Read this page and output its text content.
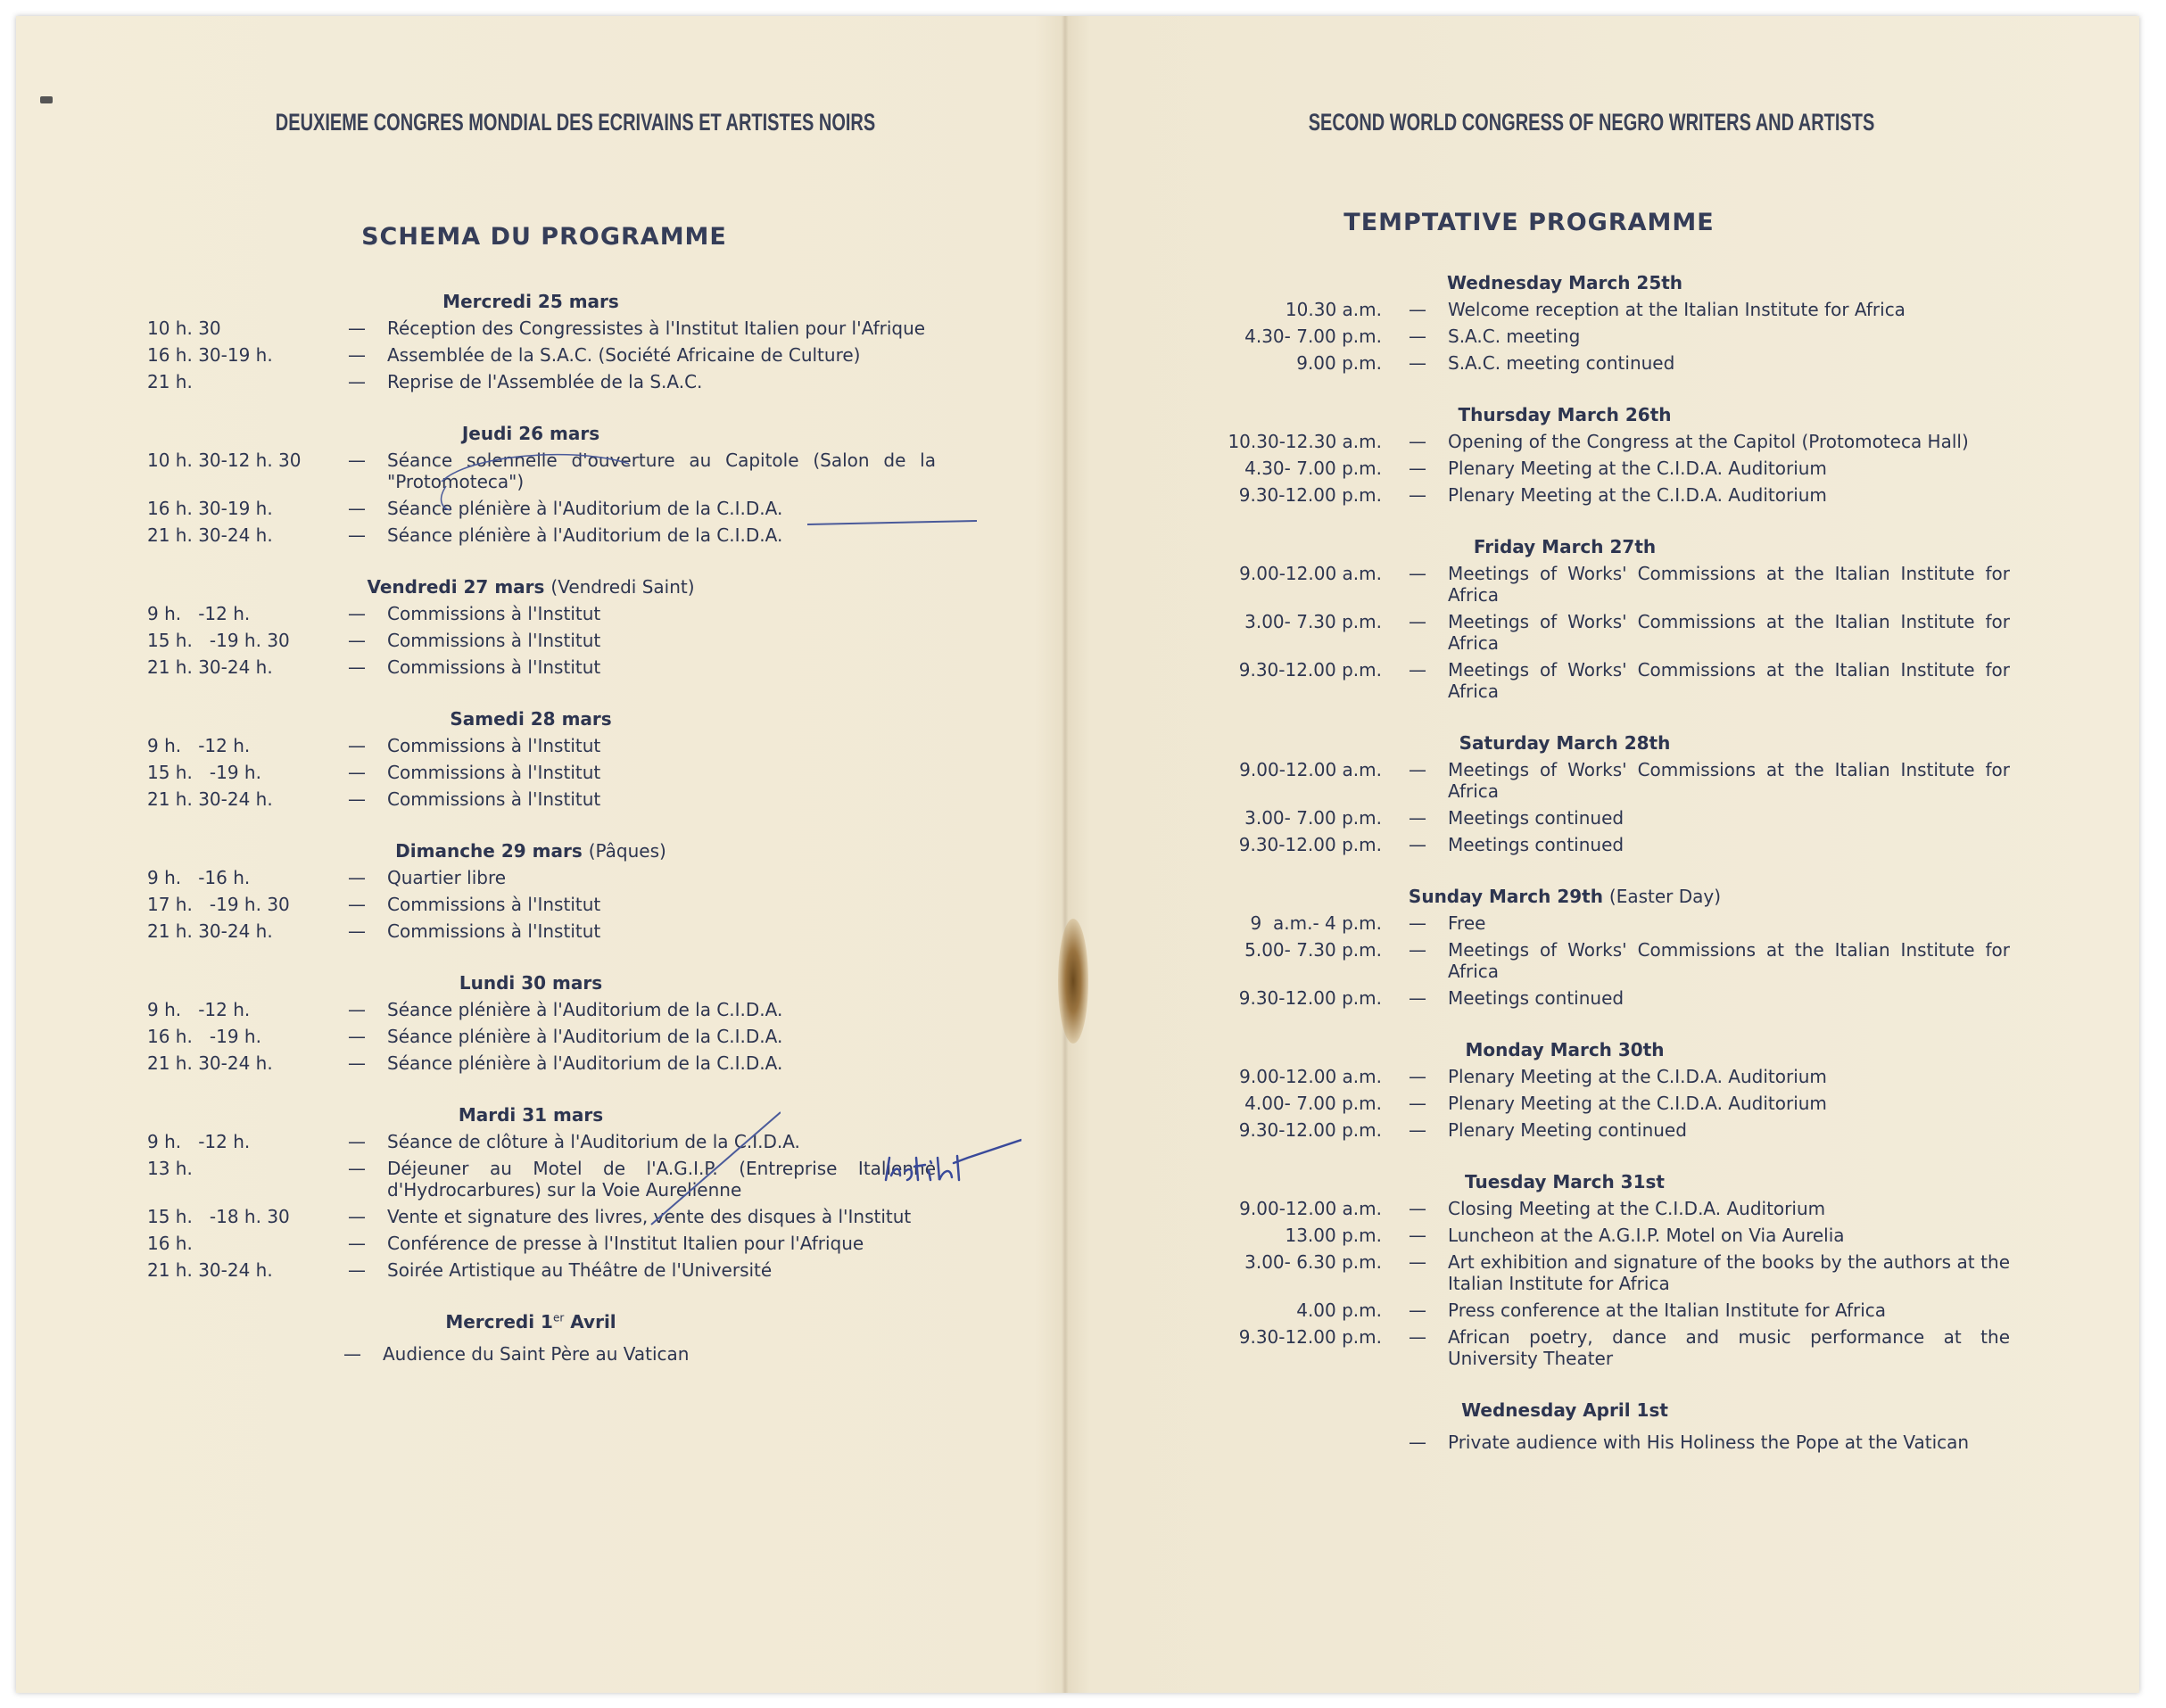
DEUXIEME CONGRES MONDIAL DES ECRIVAINS ET ARTISTES NOIRS
SCHEMA DU PROGRAMME
Mercredi 25 mars
10 h. 30	—	Réception des Congressistes à l'Institut Italien pour l'Afrique
16 h. 30-19 h.	—	Assemblée de la S.A.C. (Société Africaine de Culture)
21 h.	—	Reprise de l'Assemblée de la S.A.C.
Jeudi 26 mars
10 h. 30-12 h. 30	—	Séance solennelle d'ouverture au Capitole (Salon de la "Protomoteca")
16 h. 30-19 h.	—	Séance plénière à l'Auditorium de la C.I.D.A.
21 h. 30-24 h.	—	Séance plénière à l'Auditorium de la C.I.D.A.
Vendredi 27 mars (Vendredi Saint)
9 h.   -12 h.	—	Commissions à l'Institut
15 h.   -19 h. 30	—	Commissions à l'Institut
21 h. 30-24 h.	—	Commissions à l'Institut
Samedi 28 mars
9 h.   -12 h.	—	Commissions à l'Institut
15 h.   -19 h.	—	Commissions à l'Institut
21 h. 30-24 h.	—	Commissions à l'Institut
Dimanche 29 mars (Pâques)
9 h.   -16 h.	—	Quartier libre
17 h.   -19 h. 30	—	Commissions à l'Institut
21 h. 30-24 h.	—	Commissions à l'Institut
Lundi 30 mars
9 h.   -12 h.	—	Séance plénière à l'Auditorium de la C.I.D.A.
16 h.   -19 h.	—	Séance plénière à l'Auditorium de la C.I.D.A.
21 h. 30-24 h.	—	Séance plénière à l'Auditorium de la C.I.D.A.
Mardi 31 mars
9 h.   -12 h.	—	Séance de clôture à l'Auditorium de la C.I.D.A.
13 h.	—	Déjeuner au Motel de l'A.G.I.P. (Entreprise Italienne d'Hydrocarbures) sur la Voie Aurelienne
15 h.   -18 h. 30	—	Vente et signature des livres, vente des disques à l'Institut
16 h.	—	Conférence de presse à l'Institut Italien pour l'Afrique
21 h. 30-24 h.	—	Soirée Artistique au Théâtre de l'Université
Mercredi 1er Avril
—	Audience du Saint Père au Vatican
SECOND WORLD CONGRESS OF NEGRO WRITERS AND ARTISTS
TEMPTATIVE PROGRAMME
Wednesday March 25th
10.30 a.m.	—	Welcome reception at the Italian Institute for Africa
4.30- 7.00 p.m.	—	S.A.C. meeting
9.00 p.m.	—	S.A.C. meeting continued
Thursday March 26th
10.30-12.30 a.m.	—	Opening of the Congress at the Capitol (Protomoteca Hall)
4.30- 7.00 p.m.	—	Plenary Meeting at the C.I.D.A. Auditorium
9.30-12.00 p.m.	—	Plenary Meeting at the C.I.D.A. Auditorium
Friday March 27th
9.00-12.00 a.m.	—	Meetings of Works' Commissions at the Italian Institute for Africa
3.00- 7.30 p.m.	—	Meetings of Works' Commissions at the Italian Institute for Africa
9.30-12.00 p.m.	—	Meetings of Works' Commissions at the Italian Institute for Africa
Saturday March 28th
9.00-12.00 a.m.	—	Meetings of Works' Commissions at the Italian Institute for Africa
3.00- 7.00 p.m.	—	Meetings continued
9.30-12.00 p.m.	—	Meetings continued
Sunday March 29th (Easter Day)
9  a.m.- 4 p.m.	—	Free
5.00- 7.30 p.m.	—	Meetings of Works' Commissions at the Italian Institute for Africa
9.30-12.00 p.m.	—	Meetings continued
Monday March 30th
9.00-12.00 a.m.	—	Plenary Meeting at the C.I.D.A. Auditorium
4.00- 7.00 p.m.	—	Plenary Meeting at the C.I.D.A. Auditorium
9.30-12.00 p.m.	—	Plenary Meeting continued
Tuesday March 31st
9.00-12.00 a.m.	—	Closing Meeting at the C.I.D.A. Auditorium
13.00 p.m.	—	Luncheon at the A.G.I.P. Motel on Via Aurelia
3.00- 6.30 p.m.	—	Art exhibition and signature of the books by the authors at the Italian Institute for Africa
4.00 p.m.	—	Press conference at the Italian Institute for Africa
9.30-12.00 p.m.	—	African poetry, dance and music performance at the University Theater
Wednesday April 1st
—	Private audience with His Holiness the Pope at the Vatican
